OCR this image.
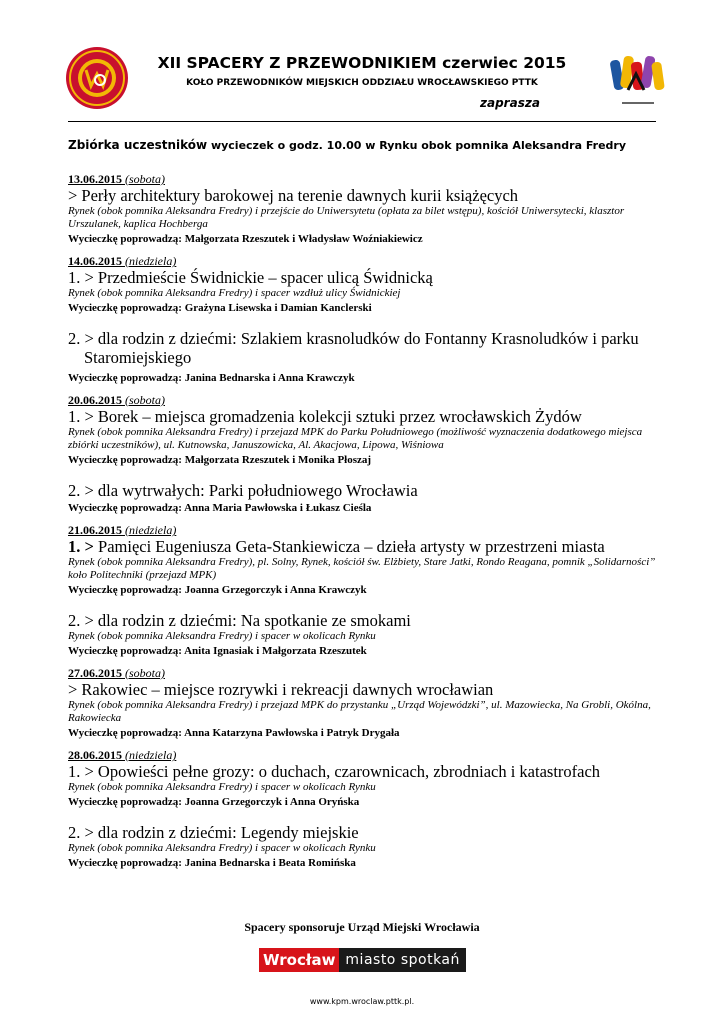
XII SPACERY Z PRZEWODNIKIEM czerwiec 2015
KOŁO PRZEWODNIKÓW MIEJSKICH ODDZIAŁU WROCŁAWSKIEGO PTTK
zaprasza
Zbiórka uczestników wycieczek o godz. 10.00 w Rynku obok pomnika Aleksandra Fredry
13.06.2015 (sobota)
> Perły architektury barokowej na terenie dawnych kurii książęcych
Rynek (obok pomnika Aleksandra Fredry) i przejście do Uniwersytetu (opłata za bilet wstępu), kościół Uniwersytecki, klasztor Urszulanek, kaplica Hochberga
Wycieczkę poprowadzą: Małgorzata Rzeszutek i Władysław Woźniakiewicz
14.06.2015 (niedziela)
1. > Przedmieście Świdnickie – spacer ulicą Świdnicką
Rynek (obok pomnika Aleksandra Fredry) i spacer wzdłuż ulicy Świdnickiej
Wycieczkę poprowadzą: Grażyna Lisewska i Damian Kanclerski
2. > dla rodzin z dziećmi: Szlakiem krasnoludków do Fontanny Krasnoludków i parku Staromiejskiego
Wycieczkę poprowadzą: Janina Bednarska i Anna Krawczyk
20.06.2015 (sobota)
1. > Borek – miejsca gromadzenia kolekcji sztuki przez wrocławskich Żydów
Rynek (obok pomnika Aleksandra Fredry) i przejazd MPK do Parku Południowego (możliwość wyznaczenia dodatkowego miejsca zbiórki uczestników), ul. Kutnowska, Januszowicka, Al. Akacjowa, Lipowa, Wiśniowa
Wycieczkę poprowadzą: Małgorzata Rzeszutek i Monika Płoszaj
2. > dla wytrwałych: Parki południowego Wrocławia
Wycieczkę poprowadzą: Anna Maria Pawłowska i Łukasz Cieśla
21.06.2015 (niedziela)
1. > Pamięci Eugeniusza Geta-Stankiewicza – dzieła artysty w przestrzeni miasta
Rynek (obok pomnika Aleksandra Fredry), pl. Solny, Rynek, kościół św. Elżbiety, Stare Jatki, Rondo Reagana, pomnik „Solidarności” koło Politechniki (przejazd MPK)
Wycieczkę poprowadzą: Joanna Grzegorczyk i Anna Krawczyk
2. > dla rodzin z dziećmi: Na spotkanie ze smokami
Rynek (obok pomnika Aleksandra Fredry) i spacer w okolicach Rynku
Wycieczkę poprowadzą: Anita Ignasiak i Małgorzata Rzeszutek
27.06.2015 (sobota)
> Rakowiec – miejsce rozrywki i rekreacji dawnych wrocławian
Rynek (obok pomnika Aleksandra Fredry) i przejazd MPK do przystanku „Urząd Wojewódzki”, ul. Mazowiecka, Na Grobli, Okólna, Rakowiecka
Wycieczkę poprowadzą: Anna Katarzyna Pawłowska i Patryk Drygała
28.06.2015 (niedziela)
1. > Opowieści pełne grozy: o duchach, czarownicach, zbrodniach i katastrofach
Rynek (obok pomnika Aleksandra Fredry) i spacer w okolicach Rynku
Wycieczkę poprowadzą: Joanna Grzegorczyk i Anna Oryńska
2. > dla rodzin z dziećmi: Legendy miejskie
Rynek (obok pomnika Aleksandra Fredry) i spacer w okolicach Rynku
Wycieczkę poprowadzą: Janina Bednarska i Beata Romińska
Spacery sponsoruje Urząd Miejski Wrocławia
Wrocław miasto spotkań
www.kpm.wroclaw.pttk.pl.
